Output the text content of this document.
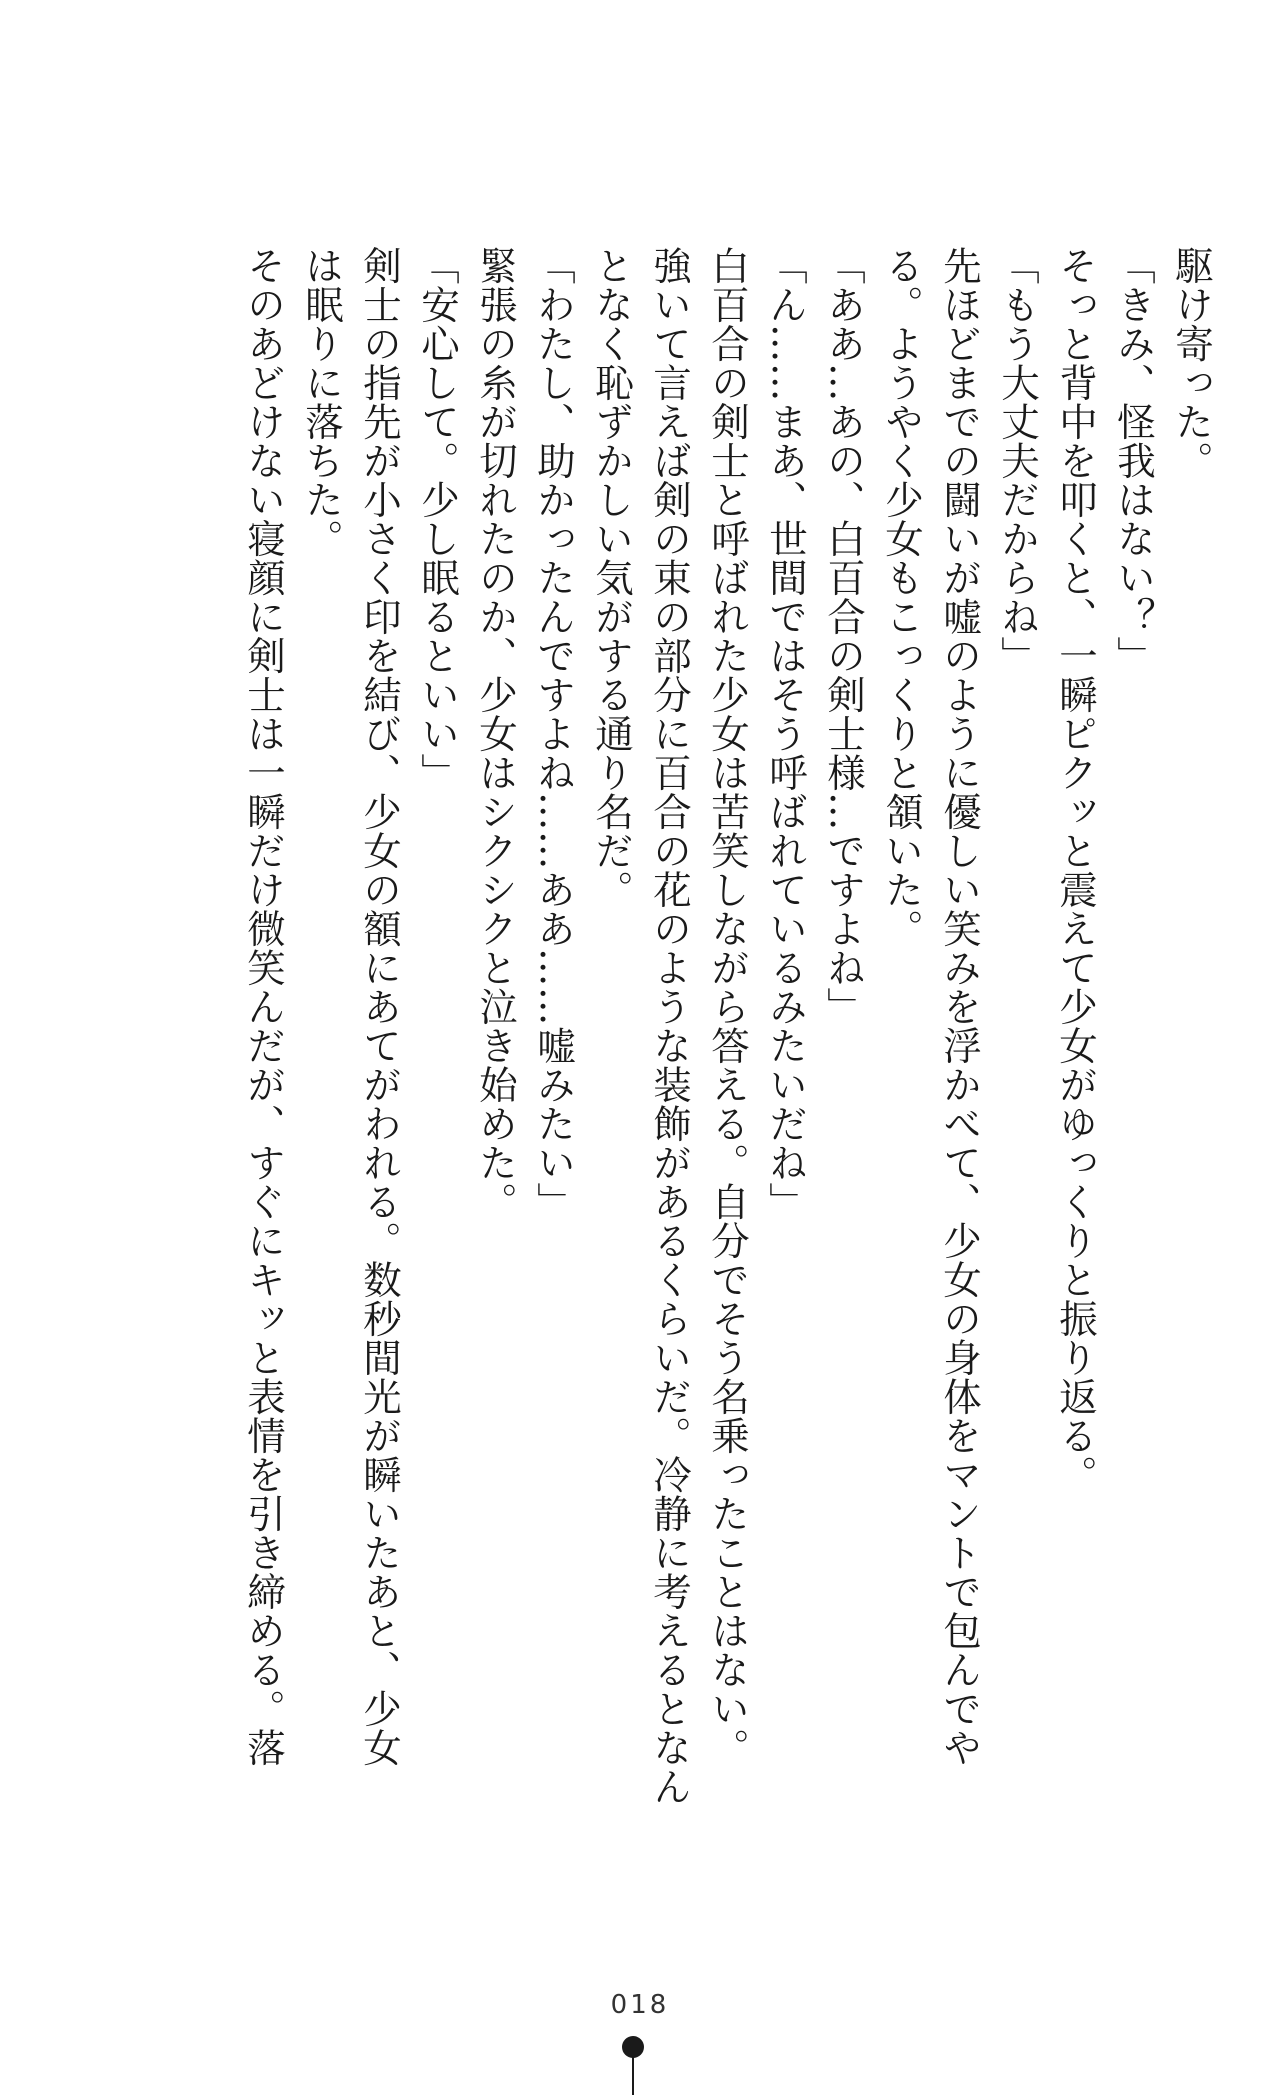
駆け寄った。

「きみ、怪我はない？」

そっと背中を叩くと、一瞬ピクッと震えて少女がゆっくりと振り返る。

「もう大丈夫だからね」

先ほどまでの闘いが嘘のように優しい笑みを浮かべて、少女の身体をマントで包んでや

る。ようやく少女もこっくりと頷いた。

「ああ…あの、白百合の剣士様…ですよね」

「ん……まあ、世間ではそう呼ばれているみたいだね」

白百合の剣士と呼ばれた少女は苦笑しながら答える。自分でそう名乗ったことはない。

強いて言えば剣の束の部分に百合の花のような装飾があるくらいだ。冷静に考えるとなん

となく恥ずかしい気がする通り名だ。

「わたし、助かったんですよね……ああ……嘘みたい」

緊張の糸が切れたのか、少女はシクシクと泣き始めた。

「安心して。少し眠るといい」

剣士の指先が小さく印を結び、少女の額にあてがわれる。数秒間光が瞬いたあと、少女

は眠りに落ちた。

そのあどけない寝顔に剣士は一瞬だけ微笑んだが、すぐにキッと表情を引き締める。落

018
